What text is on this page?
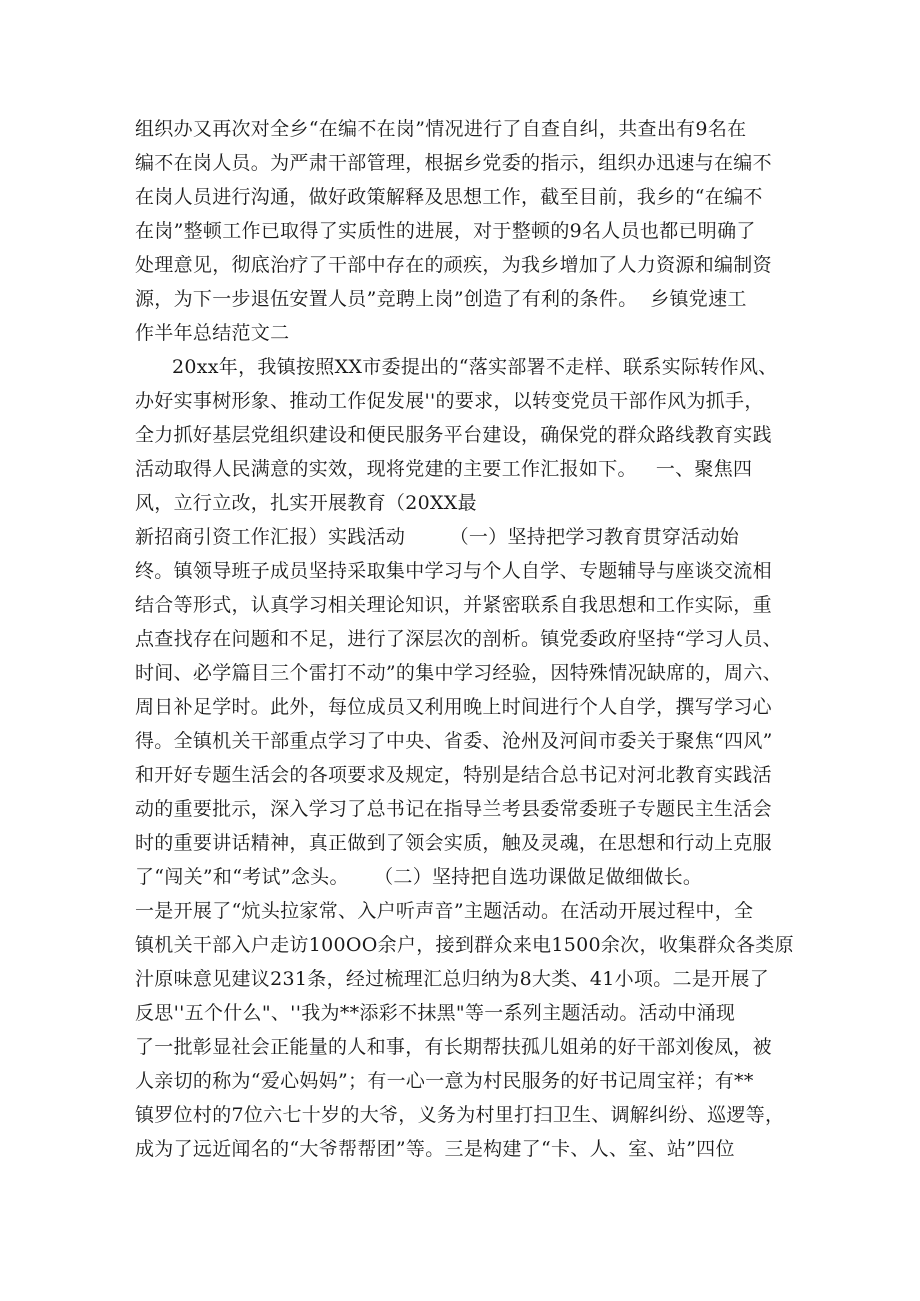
组织办又再次对全乡“在编不在岗”情况进行了自查自纠，共查出有9名在
编不在岗人员。为严肃干部管理，根据乡党委的指示，组织办迅速与在编不
在岗人员进行沟通，做好政策解释及思想工作，截至目前，我乡的“在编不
在岗”整顿工作已取得了实质性的进展，对于整顿的9名人员也都已明确了
处理意见，彻底治疗了干部中存在的顽疾，为我乡增加了人力资源和编制资
源，为下一步退伍安置人员”竞聘上岗”创造了有利的条件。  乡镇党速工
作半年总结范文二
20xx年，我镇按照XX市委提出的“落实部署不走样、联系实际转作风、
办好实事树形象、推动工作促发展''的要求，以转变党员干部作风为抓手，
全力抓好基层党组织建设和便民服务平台建设，确保党的群众路线教育实践
活动取得人民满意的实效，现将党建的主要工作汇报如下。   一、聚焦四
风，立行立改，扎实开展教育（20XX最
新招商引资工作汇报）实践活动       （一）坚持把学习教育贯穿活动始
终。镇领导班子成员坚持采取集中学习与个人自学、专题辅导与座谈交流相
结合等形式，认真学习相关理论知识，并紧密联系自我思想和工作实际，重
点查找存在问题和不足，进行了深层次的剖析。镇党委政府坚持“学习人员、
时间、必学篇目三个雷打不动”的集中学习经验，因特殊情况缺席的，周六、
周日补足学时。此外，每位成员又利用晚上时间进行个人自学，撰写学习心
得。全镇机关干部重点学习了中央、省委、沧州及河间市委关于聚焦“四风”
和开好专题生活会的各项要求及规定，特别是结合总书记对河北教育实践活
动的重要批示，深入学习了总书记在指导兰考县委常委班子专题民主生活会
时的重要讲话精神，真正做到了领会实质，触及灵魂，在思想和行动上克服
了“闯关”和“考试”念头。    （二）坚持把自选功课做足做细做长。
一是开展了“炕头拉家常、入户听声音”主题活动。在活动开展过程中，全
镇机关干部入户走访100OO余户，接到群众来电1500余次，收集群众各类原
汁原味意见建议231条，经过梳理汇总归纳为8大类、41小项。二是开展了
反思''五个什么"、''我为**添彩不抹黑"等一系列主题活动。活动中涌现
了一批彰显社会正能量的人和事，有长期帮扶孤儿姐弟的好干部刘俊凤，被
人亲切的称为“爱心妈妈”；有一心一意为村民服务的好书记周宝祥；有**
镇罗位村的7位六七十岁的大爷，义务为村里打扫卫生、调解纠纷、巡逻等，
成为了远近闻名的“大爷帮帮团”等。三是构建了“卡、人、室、站”四位
